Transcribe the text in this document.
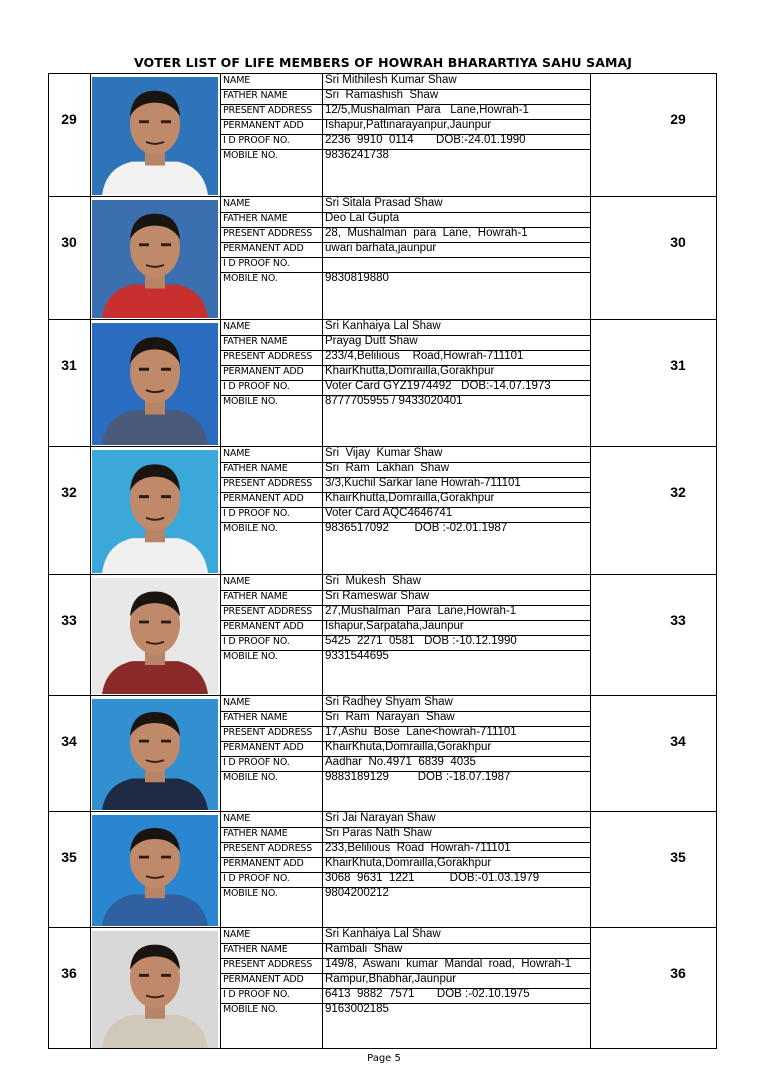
VOTER LIST OF LIFE MEMBERS OF HOWRAH BHARARTIYA SAHU SAMAJ
29	29
NAME	Sri Mithilesh Kumar Shaw
FATHER NAME	Sri  Ramashish  Shaw
PRESENT ADDRESS 12/5,Mushalman  Para   Lane,Howrah-1
PERMANENT ADD Ishapur,Pattinarayanpur,Jaunpur
I D PROOF NO.	2236  9910  0114       DOB:-24.01.1990
MOBILE NO.	9836241738
30	30
NAME	Sri Sitala Prasad Shaw
FATHER NAME	Deo Lal Gupta
PRESENT ADDRESS 28,  Mushalman  para  Lane,  Howrah-1
PERMANENT ADD uwari barhata,jaunpur
I D PROOF NO.
MOBILE NO.	9830819880
31	31
NAME	Sri Kanhaiya Lal Shaw
FATHER NAME	Prayag Dutt Shaw
PRESENT ADDRESS 233/4,Belilious    Road,Howrah-711101
PERMANENT ADD KhairKhutta,Domrailla,Gorakhpur
I D PROOF NO.	Voter Card GYZ1974492   DOB:-14.07.1973
MOBILE NO.	8777705955 / 9433020401
32	32
NAME	Sri  Vijay  Kumar Shaw
FATHER NAME	Sri  Ram  Lakhan  Shaw
PRESENT ADDRESS 3/3,Kuchil Sarkar lane Howrah-711101
PERMANENT ADD KhairKhutta,Domrailla,Gorakhpur
I D PROOF NO.	Voter Card AQC4646741
MOBILE NO.	9836517092        DOB :-02.01.1987
33	33
NAME	Sri  Mukesh  Shaw
FATHER NAME	Sri Rameswar Shaw
PRESENT ADDRESS 27,Mushalman  Para  Lane,Howrah-1
PERMANENT ADD Ishapur,Sarpataha,Jaunpur
I D PROOF NO.	5425  2271  0581   DOB :-10.12.1990
MOBILE NO.	9331544695
34	34
NAME	Sri Radhey Shyam Shaw
FATHER NAME	Sri  Ram  Narayan  Shaw
PRESENT ADDRESS 17,Ashu  Bose  Lane<howrah-711101
PERMANENT ADD KhairKhuta,Domrailla,Gorakhpur
I D PROOF NO.	Aadhar  No.4971  6839  4035
MOBILE NO.	9883189129         DOB :-18.07.1987
35	35
NAME	Sri Jai Narayan Shaw
FATHER NAME	Sri Paras Nath Shaw
PRESENT ADDRESS 233,Belilious  Road  Howrah-711101
PERMANENT ADD KhairKhuta,Domrailla,Gorakhpur
I D PROOF NO.	3068  9631  1221           DOB:-01.03.1979
MOBILE NO.	9804200212
36	36
NAME	Sri Kanhaiya Lal Shaw
FATHER NAME	Rambali  Shaw
PRESENT ADDRESS 149/8,  Aswani  kumar  Mandal  road,  Howrah-1
PERMANENT ADD Rampur,Bhabhar,Jaunpur
I D PROOF NO.	6413  9882  7571       DOB :-02.10.1975
MOBILE NO.	9163002185
Page 5
